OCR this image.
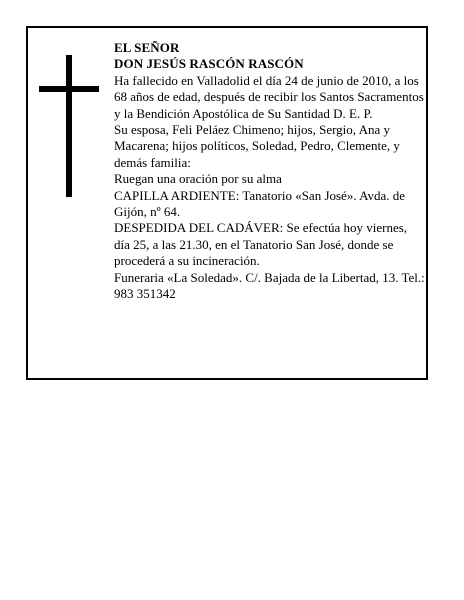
EL SEÑOR

DON JESÚS RASCÓN RASCÓN

Ha fallecido en Valladolid el día 24 de junio de 2010, a los 68 años de edad, después de recibir los Santos Sacramentos y la Bendición Apostólica de Su Santidad D. E. P.

Su esposa, Feli Peláez Chimeno; hijos, Sergio, Ana y Macarena; hijos políticos, Soledad, Pedro, Clemente, y demás familia:

Ruegan una oración por su alma

CAPILLA ARDIENTE: Tanatorio «San José». Avda. de Gijón, nº 64.

DESPEDIDA DEL CADÁVER: Se efectúa hoy viernes, día 25, a las 21.30, en el Tanatorio San José, donde se procederá a su incineración.

Funeraria «La Soledad». C/. Bajada de la Libertad, 13. Tel.: 983 351342
